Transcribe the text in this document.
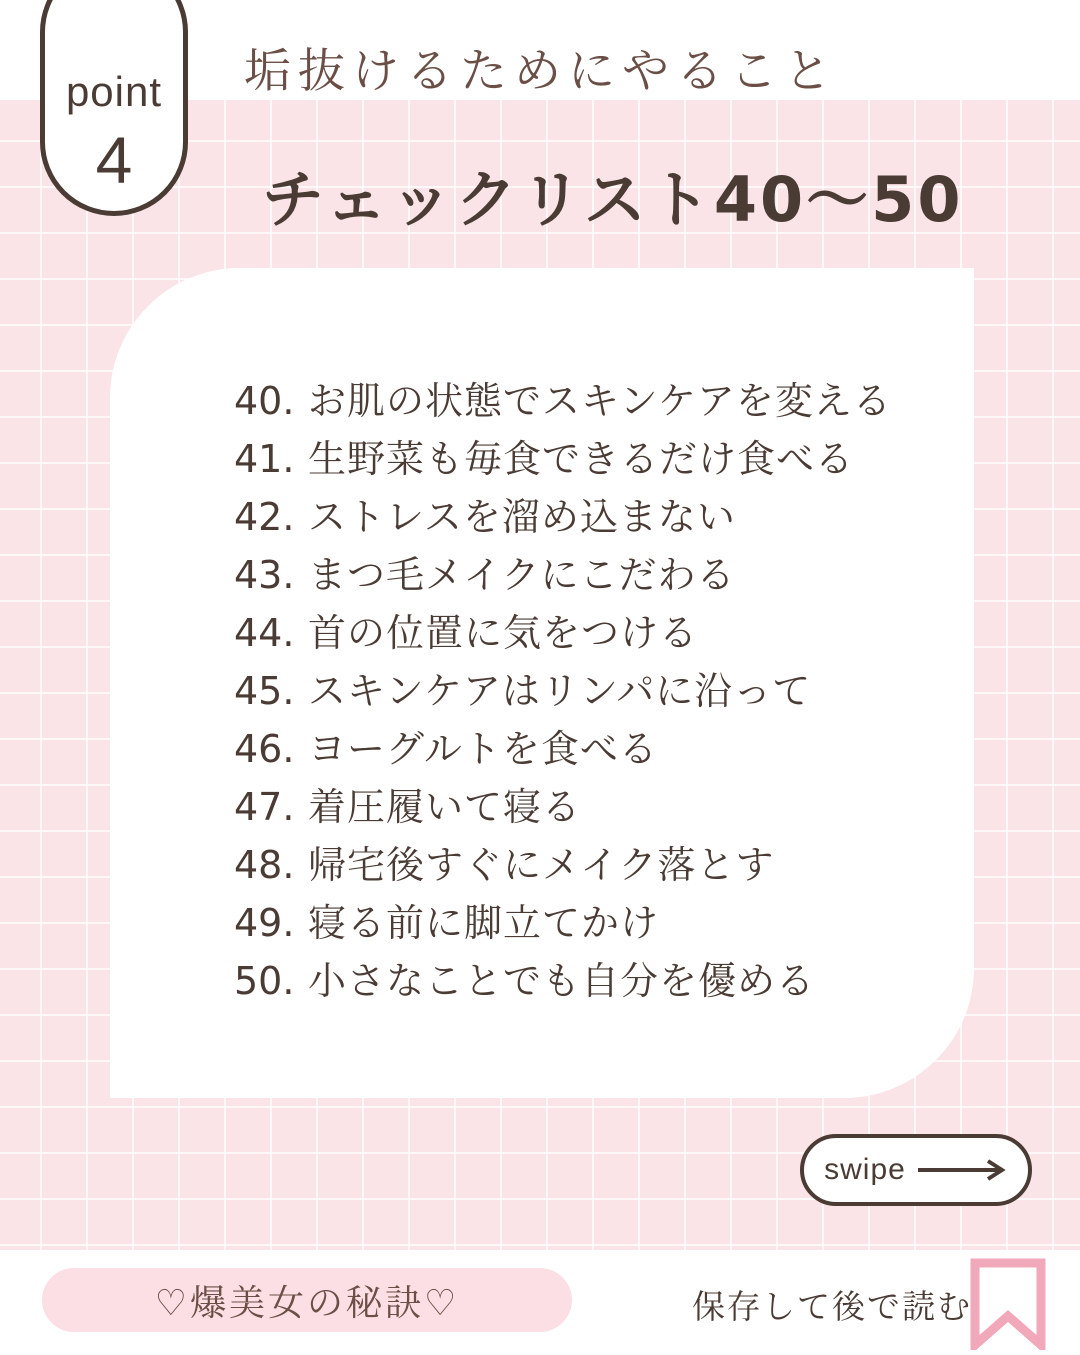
point
4
垢抜けるためにやること
チェックリスト40〜50
40. お肌の状態でスキンケアを変える
41. 生野菜も毎食できるだけ食べる
42. ストレスを溜め込まない
43. まつ毛メイクにこだわる
44. 首の位置に気をつける
45. スキンケアはリンパに沿って
46. ヨーグルトを食べる
47. 着圧履いて寝る
48. 帰宅後すぐにメイク落とす
49. 寝る前に脚立てかけ
50. 小さなことでも自分を優める
swipe
♡爆美女の秘訣♡	保存して後で読む
